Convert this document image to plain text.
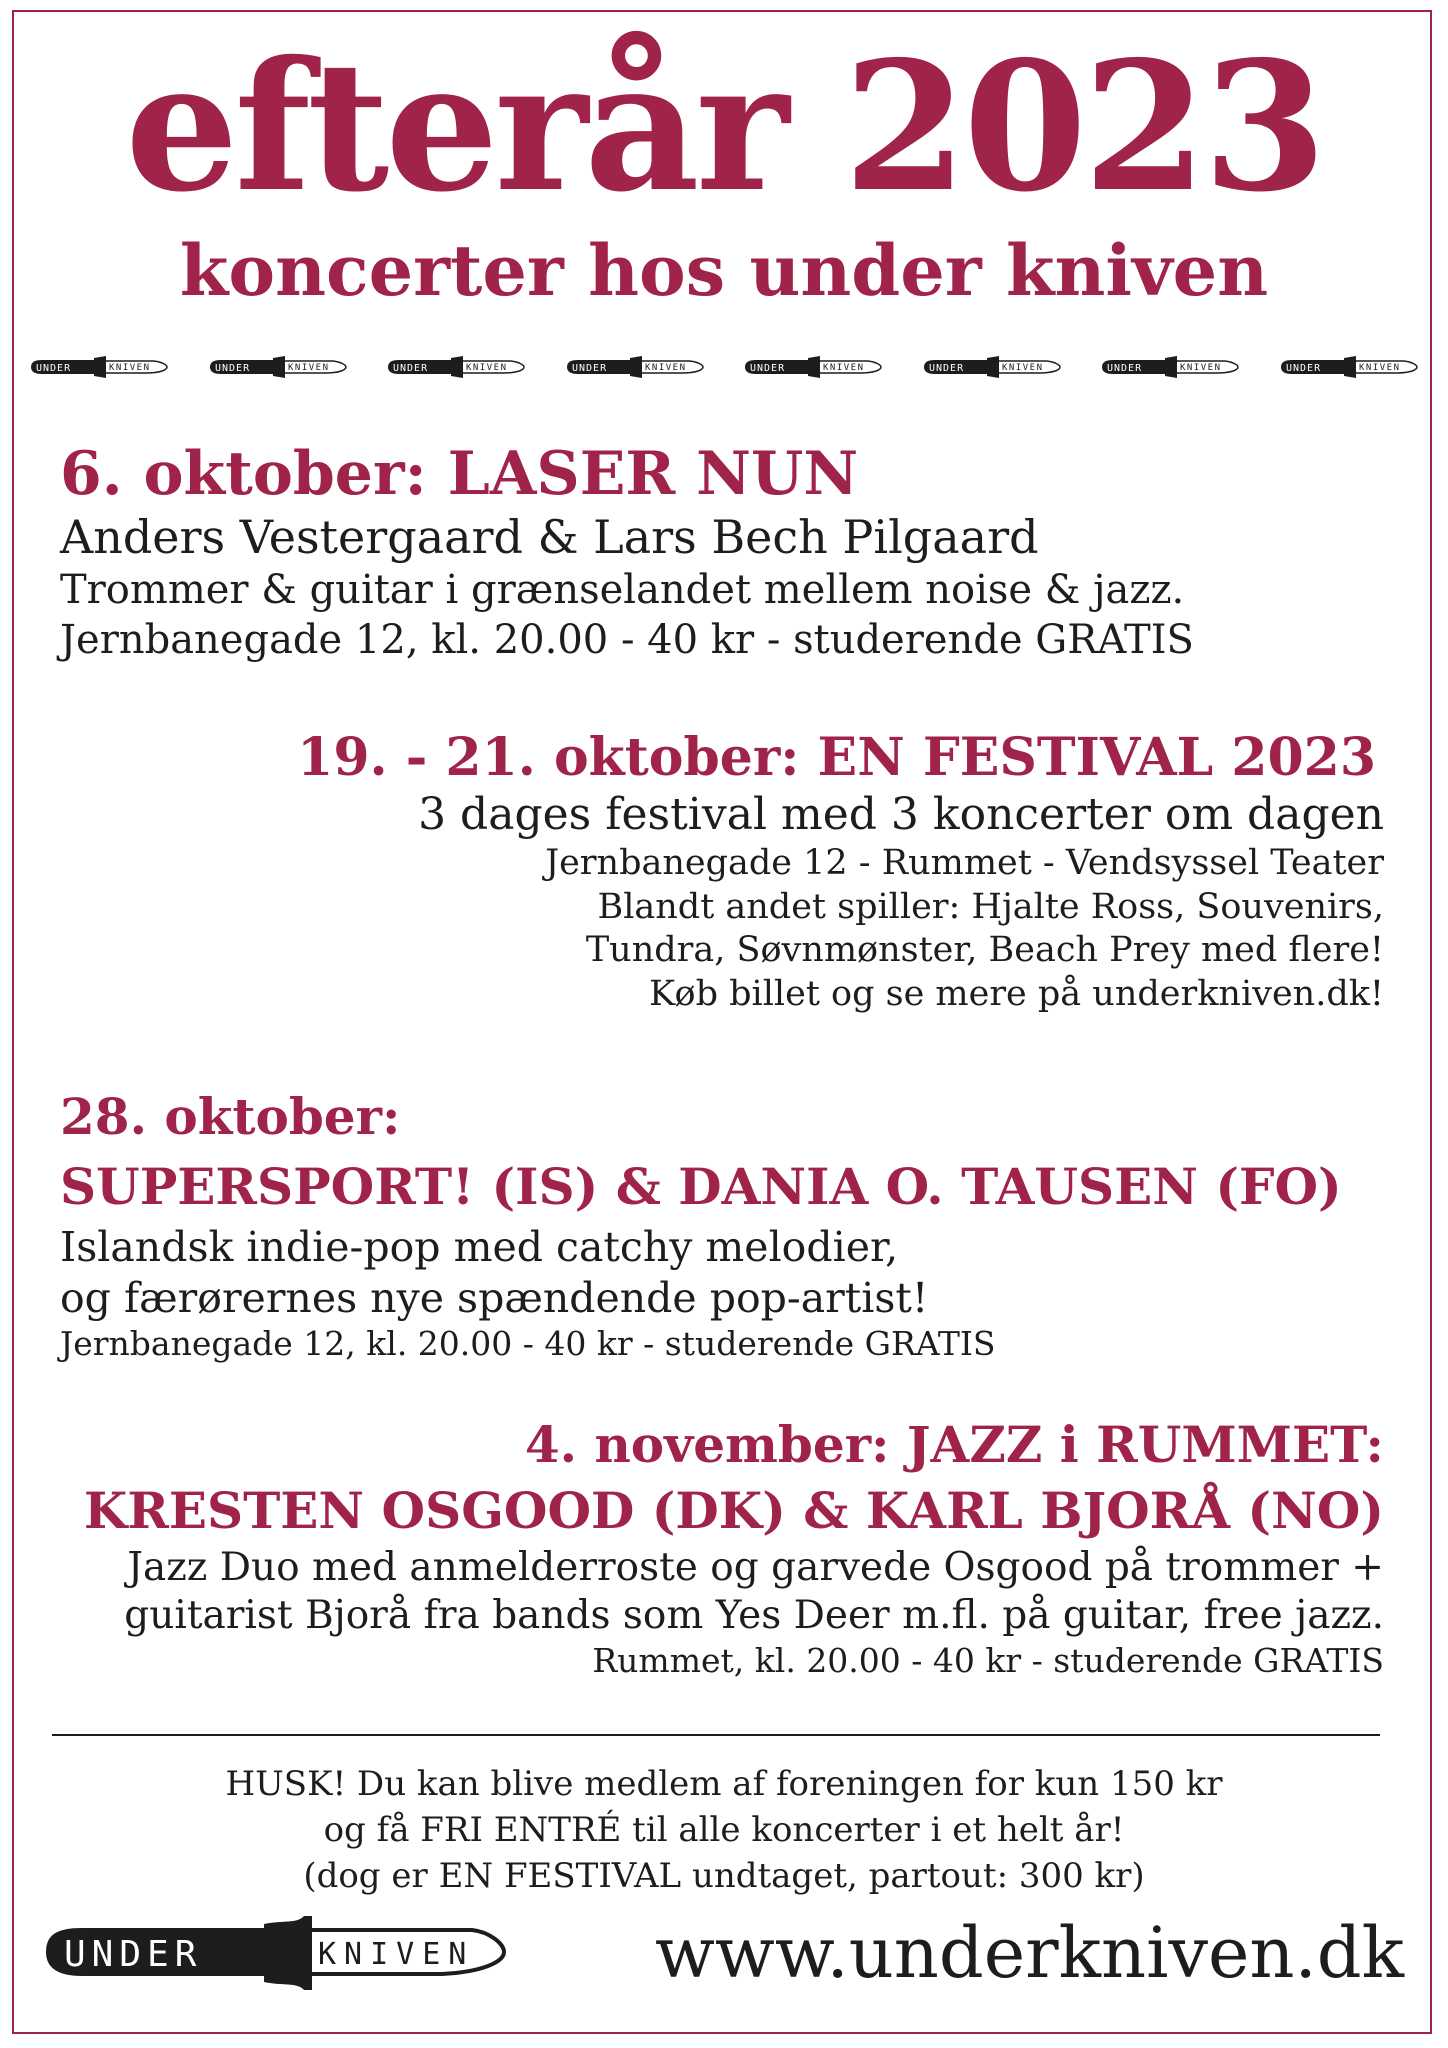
efterår 2023
koncerter hos under kniven
UNDER	KNIVEN	UNDER	KNIVEN	UNDER	KNIVEN	UNDER	KNIVEN	UNDER	KNIVEN	UNDER	KNIVEN	UNDER	KNIVEN	UNDER	KNIVEN
6. oktober: LASER NUN
Anders Vestergaard & Lars Bech Pilgaard
Trommer & guitar i grænselandet mellem noise & jazz.
Jernbanegade 12, kl. 20.00 - 40 kr - studerende GRATIS
19. - 21. oktober: EN FESTIVAL 2023
3 dages festival med 3 koncerter om dagen
Jernbanegade 12 - Rummet - Vendsyssel Teater
Blandt andet spiller: Hjalte Ross, Souvenirs,
Tundra, Søvnmønster, Beach Prey med flere!
Køb billet og se mere på underkniven.dk!
28. oktober:
SUPERSPORT! (IS) & DANIA O. TAUSEN (FO)
Islandsk indie-pop med catchy melodier,
og færørernes nye spændende pop-artist!
Jernbanegade 12, kl. 20.00 - 40 kr - studerende GRATIS
4. november: JAZZ i RUMMET:
KRESTEN OSGOOD (DK) & KARL BJORÅ (NO)
Jazz Duo med anmelderroste og garvede Osgood på trommer +
guitarist Bjorå fra bands som Yes Deer m.fl. på guitar, free jazz.
Rummet, kl. 20.00 - 40 kr - studerende GRATIS
HUSK! Du kan blive medlem af foreningen for kun 150 kr
og få FRI ENTRÉ til alle koncerter i et helt år!
(dog er EN FESTIVAL undtaget, partout: 300 kr)
UNDER	KNIVEN	www.underkniven.dk
